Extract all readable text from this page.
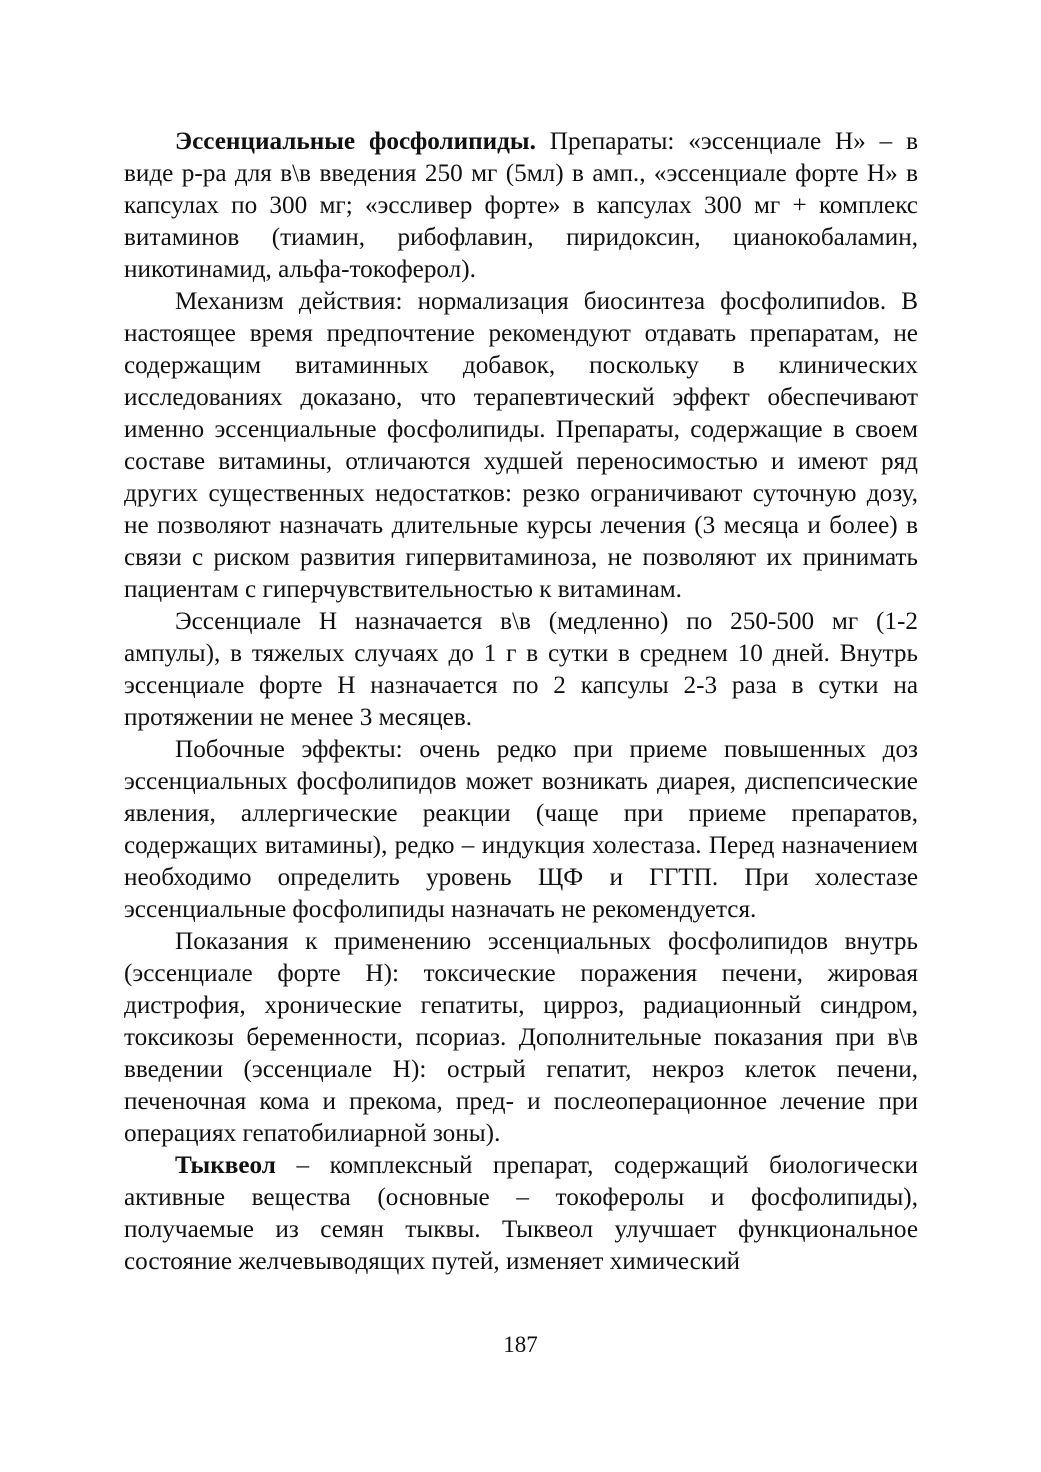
Эссенциальные фосфолипиды. Препараты: «эссенциале Н» – в виде р-ра для в\в введения 250 мг (5мл) в амп., «эссенциале форте Н» в капсулах по 300 мг; «эссливер форте» в капсулах 300 мг + комплекс витаминов (тиамин, рибофлавин, пиридоксин, цианокобаламин, никотинамид, альфа-токоферол).

Механизм действия: нормализация биосинтеза фосфолипиdов. В настоящее время предпочтение рекомендуют отдавать препаратам, не содержащим витаминных добавок, поскольку в клинических исследованиях доказано, что терапевтический эффект обеспечивают именно эссенциальные фосфолипиды. Препараты, содержащие в своем составе витамины, отличаются худшей переносимостью и имеют ряд других существенных недостатков: резко ограничивают суточную дозу, не позволяют назначать длительные курсы лечения (3 месяца и более) в связи с риском развития гипервитаминоза, не позволяют их принимать пациентам с гиперчувствительностью к витаминам.

Эссенциале Н назначается в\в (медленно) по 250-500 мг (1-2 ампулы), в тяжелых случаях до 1 г в сутки в среднем 10 дней. Внутрь эссенциале форте Н назначается по 2 капсулы 2-3 раза в сутки на протяжении не менее 3 месяцев.

Побочные эффекты: очень редко при приеме повышенных доз эссенциальных фосфолипидов может возникать диарея, диспепсические явления, аллергические реакции (чаще при приеме препаратов, содержащих витамины), редко – индукция холестаза. Перед назначением необходимо определить уровень ЩФ и ГГТП. При холестазе эссенциальные фосфолипиды назначать не рекомендуется.

Показания к применению эссенциальных фосфолипидов внутрь (эссенциале форте Н): токсические поражения печени, жировая дистрофия, хронические гепатиты, цирроз, радиационный синдром, токсикозы беременности, псориаз. Дополнительные показания при в\в введении (эссенциале Н): острый гепатит, некроз клеток печени, печеночная кома и прекома, пред- и послеоперационное лечение при операциях гепатобилиарной зоны).

Тыквеол – комплексный препарат, содержащий биологически активные вещества (основные – токоферолы и фосфолипиды), получаемые из семян тыквы. Тыквеол улучшает функциональное состояние желчевыводящих путей, изменяет химический

187
